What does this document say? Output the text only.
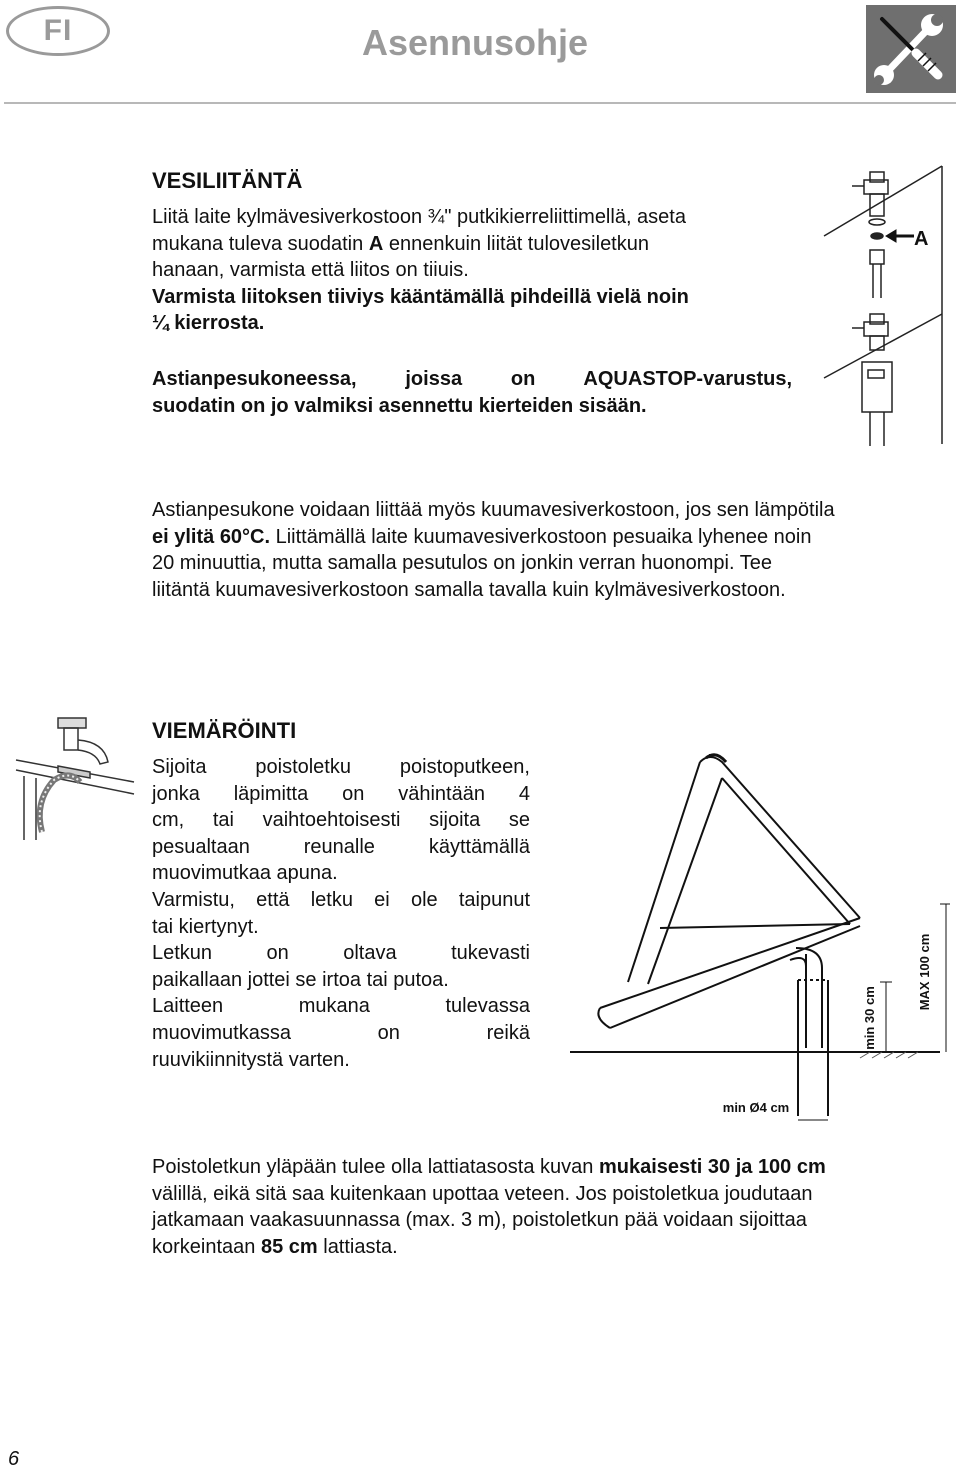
FI	Asennusohje
VESILIITÄNTÄ
Liitä laite kylmävesiverkostoon ¾" putkikierreliittimellä, aseta
mukana tuleva suodatin A ennenkuin liität tulovesiletkun
hanaan, varmista että liitos on tiiuis.
Varmista liitoksen tiiviys kääntämällä pihdeillä vielä noin
¼ kierrosta.
Astianpesukoneessa, joissa on AQUASTOP-varustus,
suodatin on jo valmiksi asennettu kierteiden sisään.
A
Astianpesukone voidaan liittää myös kuumavesiverkostoon, jos sen lämpötila
ei ylitä 60°C. Liittämällä laite kuumavesiverkostoon pesuaika lyhenee noin
20 minuuttia, mutta samalla pesutulos on jonkin verran huonompi. Tee
liitäntä kuumavesiverkostoon samalla tavalla kuin kylmävesiverkostoon.
VIEMÄRÖINTI
Sijoita poistoletku poistoputkeen,
jonka läpimitta on vähintään 4
cm, tai vaihtoehtoisesti sijoita se
pesualtaan reunalle käyttämällä
muovimutkaa apuna.
Varmistu, että letku ei ole taipunut
tai kiertynyt.
Letkun on oltava tukevasti
paikallaan jottei se irtoa tai putoa.
Laitteen mukana tulevassa
muovimutkassa on reikä
ruuvikiinnitystä varten.
MAX 100 cm
min 30 cm
min Ø4 cm
Poistoletkun yläpään tulee olla lattiatasosta kuvan mukaisesti 30 ja 100 cm
välillä, eikä sitä saa kuitenkaan upottaa veteen. Jos poistoletkua joudutaan
jatkamaan vaakasuunnassa (max. 3 m), poistoletkun pää voidaan sijoittaa
korkeintaan 85 cm lattiasta.
6
